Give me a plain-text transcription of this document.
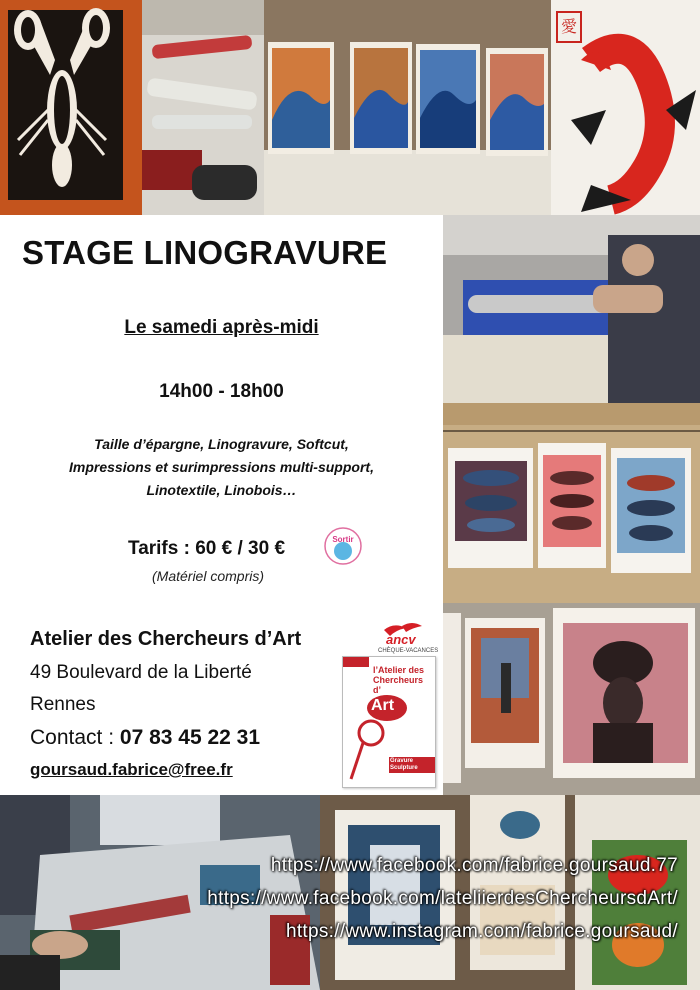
愛
STAGE LINOGRAVURE
Le samedi après-midi
14h00 - 18h00
Taille d’épargne, Linogravure, Softcut,
Impressions et surimpressions multi-support,
Linotextile, Linobois…
Tarifs : 60 € / 30 €
(Matériel compris)
Sortir
Atelier des Chercheurs d’Art
49 Boulevard de la Liberté
Rennes
Contact : 07 83 45 22 31
goursaud.fabrice@free.fr
ancv
CHÈQUE-VACANCES
l’Atelier des
Chercheurs
d’
Art
Gravure Sculpture
https://www.facebook.com/fabrice.goursaud.77
https://www.facebook.com/lateliierdesChercheursdArt/
https://www.instagram.com/fabrice.goursaud/
